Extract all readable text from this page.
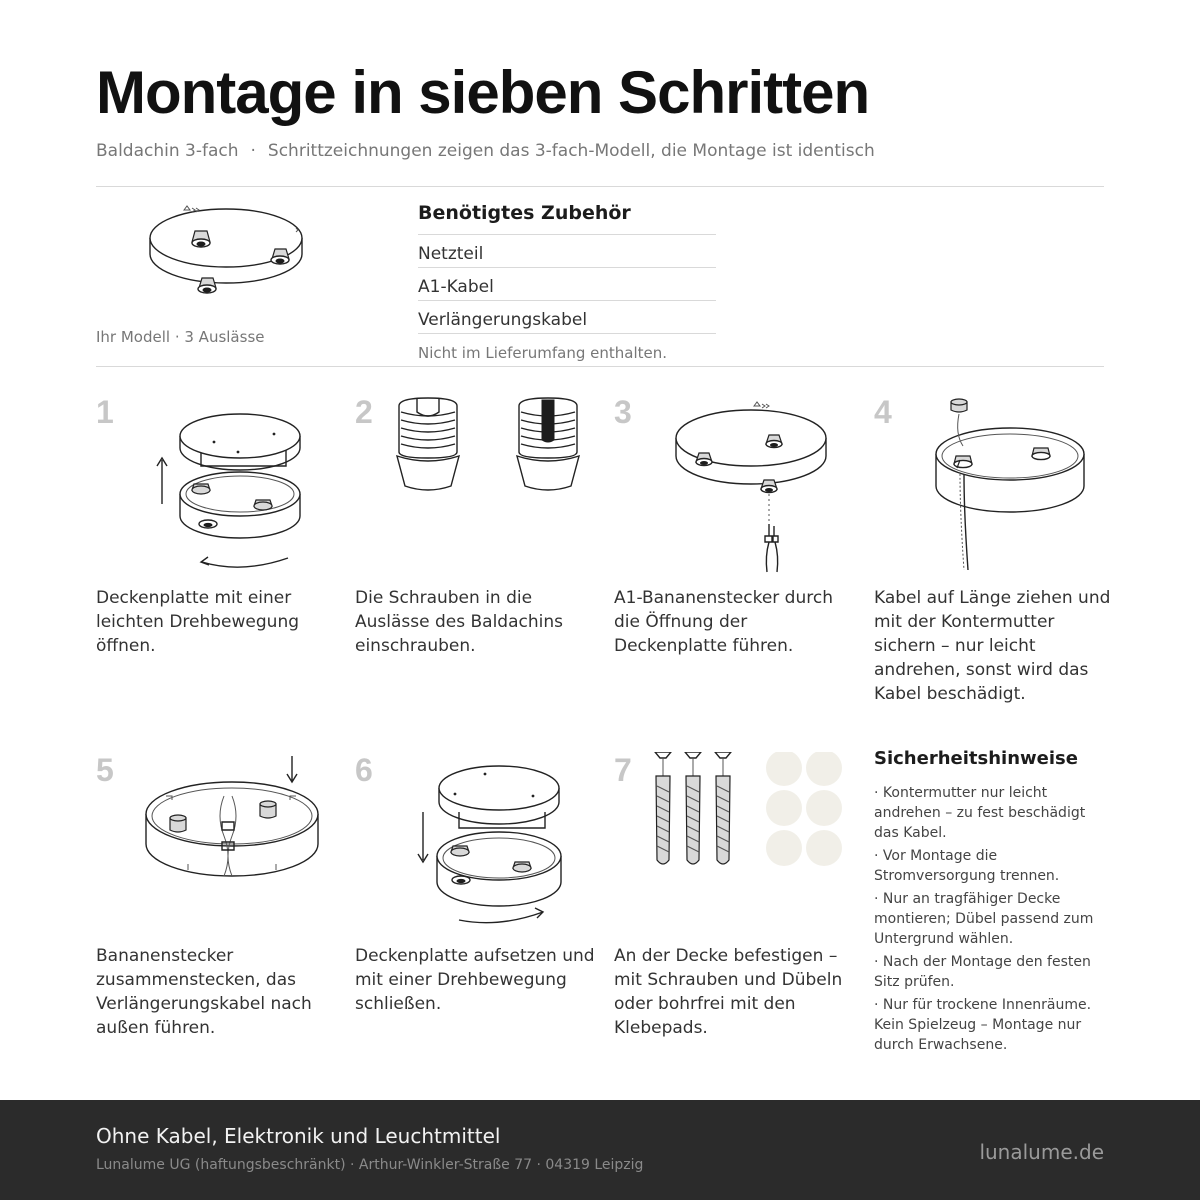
Montage in sieben Schritten
Baldachin 3-fach · Schrittzeichnungen zeigen das 3-fach-Modell, die Montage ist identisch
Ihr Modell · 3 Auslässe
Benötigtes Zubehör
Netzteil
A1-Kabel
Verlängerungskabel
Nicht im Lieferumfang enthalten.
1
Deckenplatte mit einer leichten Drehbewegung öffnen.
2
Die Schrauben in die Auslässe des Baldachins einschrauben.
3
A1-Bananenstecker durch die Öffnung der Deckenplatte führen.
4
Kabel auf Länge ziehen und mit der Kontermutter sichern – nur leicht andrehen, sonst wird das Kabel beschädigt.
5
Bananenstecker zusammenstecken, das Verlängerungskabel nach außen führen.
6
Deckenplatte aufsetzen und mit einer Drehbewegung schließen.
7
An der Decke befestigen – mit Schrauben und Dübeln oder bohrfrei mit den Klebepads.
Sicherheitshinweise
· Kontermutter nur leicht andrehen – zu fest beschädigt das Kabel.
· Vor Montage die Stromversorgung trennen.
· Nur an tragfähiger Decke montieren; Dübel passend zum Untergrund wählen.
· Nach der Montage den festen Sitz prüfen.
· Nur für trockene Innenräume. Kein Spielzeug – Montage nur durch Erwachsene.
Ohne Kabel, Elektronik und Leuchtmittel
Lunalume UG (haftungsbeschränkt) · Arthur-Winkler-Straße 77 · 04319 Leipzig
lunalume.de
